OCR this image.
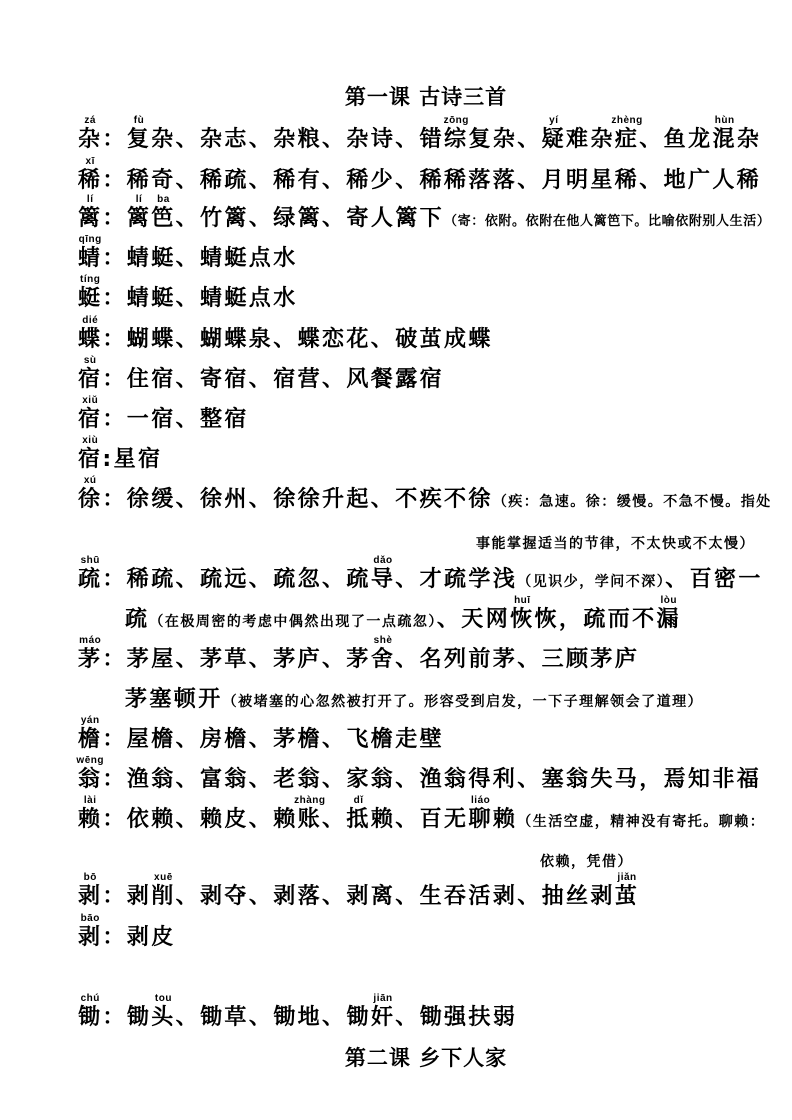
第一课 古诗三首
zá
杂：
fù
复杂、杂志、杂粮、杂诗、错
zōng
综复杂、
yí
疑难杂
zhèng
症、鱼龙
hùn
混杂
xī
稀：稀奇、稀疏、稀有、稀少、稀稀落落、月明星稀、地广人稀
lí
篱：
lí
篱
ba
笆、竹篱、绿篱、寄人篱下（寄：依附。依附在他人篱笆下。比喻依附别人生活）
qīng
蜻：蜻蜓、蜻蜓点水
tíng
蜓：蜻蜓、蜻蜓点水
dié
蝶：蝴蝶、蝴蝶泉、蝶恋花、破茧成蝶
sù
宿：住宿、寄宿、宿营、风餐露宿
xiǔ
宿：一宿、整宿
xiù
宿:星宿
xú
徐：徐缓、徐州、徐徐升起、不疾不徐（疾：急速。徐：缓慢。不急不慢。指处
事能掌握适当的节律，不太快或不太慢）
shū
疏：稀疏、疏远、疏忽、疏
dǎo
导、才疏学浅（见识少，学问不深）、百密一
疏（在极周密的考虑中偶然出现了一点疏忽）、天网
huī
恢恢，疏而不
lòu
漏
máo
茅：茅屋、茅草、茅庐、茅
shè
舍、名列前茅、三顾茅庐
茅塞顿开（被堵塞的心忽然被打开了。形容受到启发，一下子理解领会了道理）
yán
檐：屋檐、房檐、茅檐、飞檐走壁
wēng
翁：渔翁、富翁、老翁、家翁、渔翁得利、塞翁失马，焉知非福
lài
赖：依赖、赖皮、赖
zhàng
账、
dǐ
抵赖、百无
liáo
聊赖（生活空虚，精神没有寄托。聊赖：
依赖，凭借）
bō
剥：剥
xuē
削、剥夺、剥落、剥离、生吞活剥、抽丝剥
jiǎn
茧
bāo
剥：剥皮
chú
锄：锄
tou
头、锄草、锄地、锄
jiān
奸、锄强扶弱
第二课 乡下人家
